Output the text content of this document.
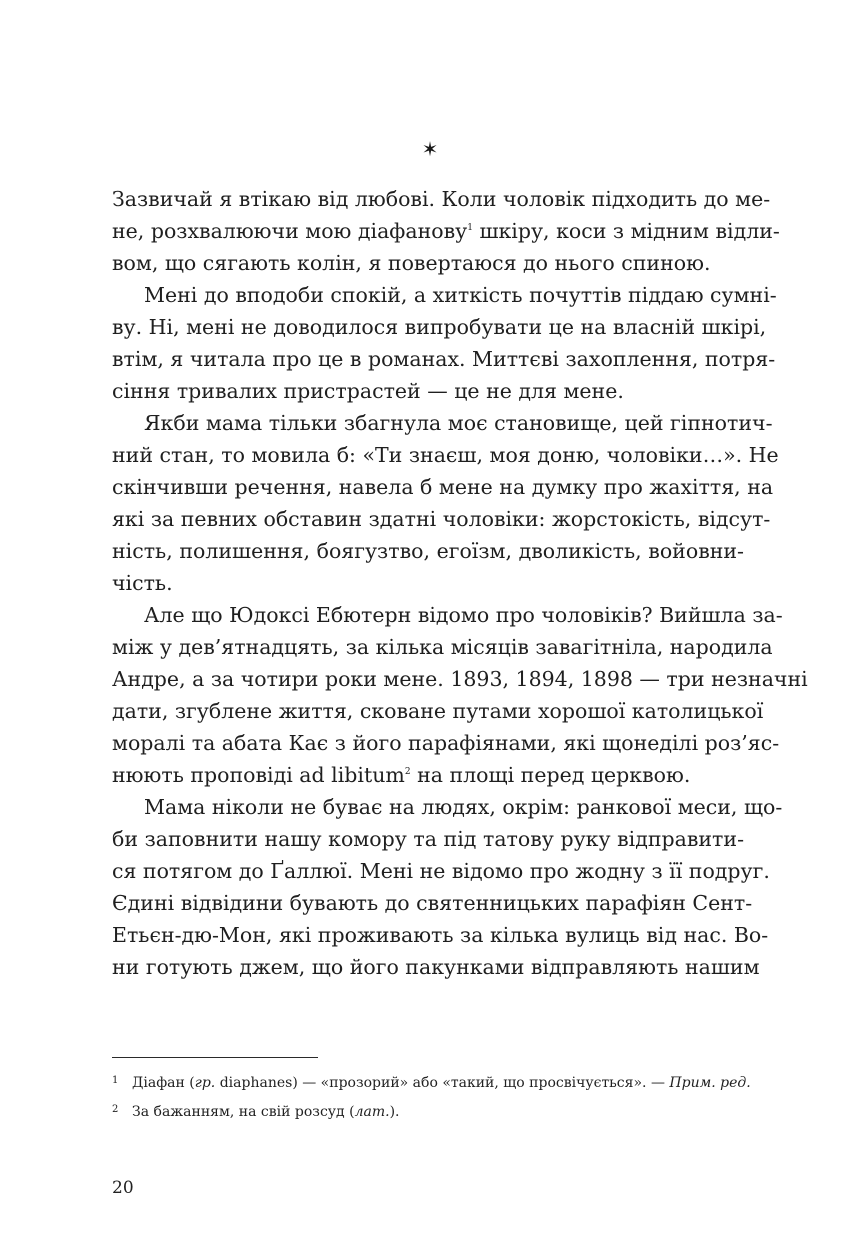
✶
Зазвичай я втікаю від любові. Коли чоловік підходить до ме-
не, розхвалюючи мою діафанову$^1$ шкіру, коси з мідним відли-
вом, що сягають колін, я повертаюся до нього спиною.
Мені до вподоби спокій, а хиткість почуттів піддаю сумні-
ву. Ні, мені не доводилося випробувати це на власній шкірі,
втім, я читала про це в романах. Миттєві захоплення, потря-
сіння тривалих пристрастей — це не для мене.
Якби мама тільки збагнула моє становище, цей гіпнотич-
ний стан, то мовила б: «Ти знаєш, моя доню, чоловіки…». Не
скінчивши речення, навела б мене на думку про жахіття, на
які за певних обставин здатні чоловіки: жорстокість, відсут-
ність, полишення, боягузтво, егоїзм, дволикість, войовни-
чість.
Але що Юдоксі Ебютерн відомо про чоловіків? Вийшла за-
між у дев’ятнадцять, за кілька місяців завагітніла, народила
Андре, а за чотири роки мене. 1893, 1894, 1898 — три незначні
дати, згублене життя, сковане путами хорошої католицької
моралі та абата Кає з його парафіянами, які щонеділі роз’яс-
нюють проповіді ad libitum$^2$ на площі перед церквою.
Мама ніколи не буває на людях, окрім: ранкової меси, що-
би заповнити нашу комору та під татову руку відправити-
ся потягом до Ґаллюї. Мені не відомо про жодну з її подруг.
Єдині відвідини бувають до святенницьких парафіян Сент-
Етьєн-дю-Мон, які проживають за кілька вулиць від нас. Во-
ни готують джем, що його пакунками відправляють нашим
1 Діафан (гр. diaphanes) — «прозорий» або «такий, що просвічується». — Прим. ред.
2 За бажанням, на свій розсуд (лат.).
20
